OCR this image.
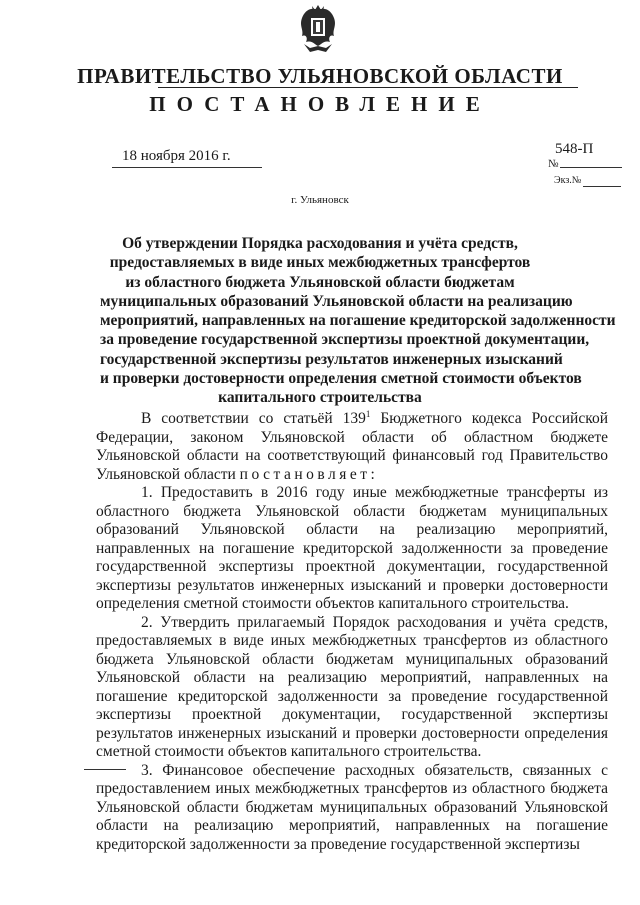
ПРАВИТЕЛЬСТВО УЛЬЯНОВСКОЙ ОБЛАСТИ
ПОСТАНОВЛЕНИЕ
18 ноября 2016 г.	548-П
№
Экз.№
г. Ульяновск
Об утверждении Порядка расходования и учёта средств,
предоставляемых в виде иных межбюджетных трансфертов
из областного бюджета Ульяновской области бюджетам
муниципальных образований Ульяновской области на реализацию
мероприятий, направленных на погашение кредиторской задолженности
за проведение государственной экспертизы проектной документации,
государственной экспертизы результатов инженерных изысканий
и проверки достоверности определения сметной стоимости объектов
капитального строительства

В соответствии со статьёй $139^1$ Бюджетного кодекса Российской Федерации, законом Ульяновской области об областном бюджете Ульяновской области на соответствующий финансовый год Правительство Ульяновской области постановляет:

1. Предоставить в 2016 году иные межбюджетные трансферты из областного бюджета Ульяновской области бюджетам муниципальных образований Ульяновской области на реализацию мероприятий, направленных на погашение кредиторской задолженности за проведение государственной экспертизы проектной документации, государственной экспертизы результатов инженерных изысканий и проверки достоверности определения сметной стоимости объектов капитального строительства.

2. Утвердить прилагаемый Порядок расходования и учёта средств, предоставляемых в виде иных межбюджетных трансфертов из областного бюджета Ульяновской области бюджетам муниципальных образований Ульяновской области на реализацию мероприятий, направленных на погашение кредиторской задолженности за проведение государственной экспертизы проектной документации, государственной экспертизы результатов инженерных изысканий и проверки достоверности определения сметной стоимости объектов капитального строительства.

3. Финансовое обеспечение расходных обязательств, связанных с предоставлением иных межбюджетных трансфертов из областного бюджета Ульяновской области бюджетам муниципальных образований Ульяновской области на реализацию мероприятий, направленных на погашение кредиторской задолженности за проведение государственной экспертизы
